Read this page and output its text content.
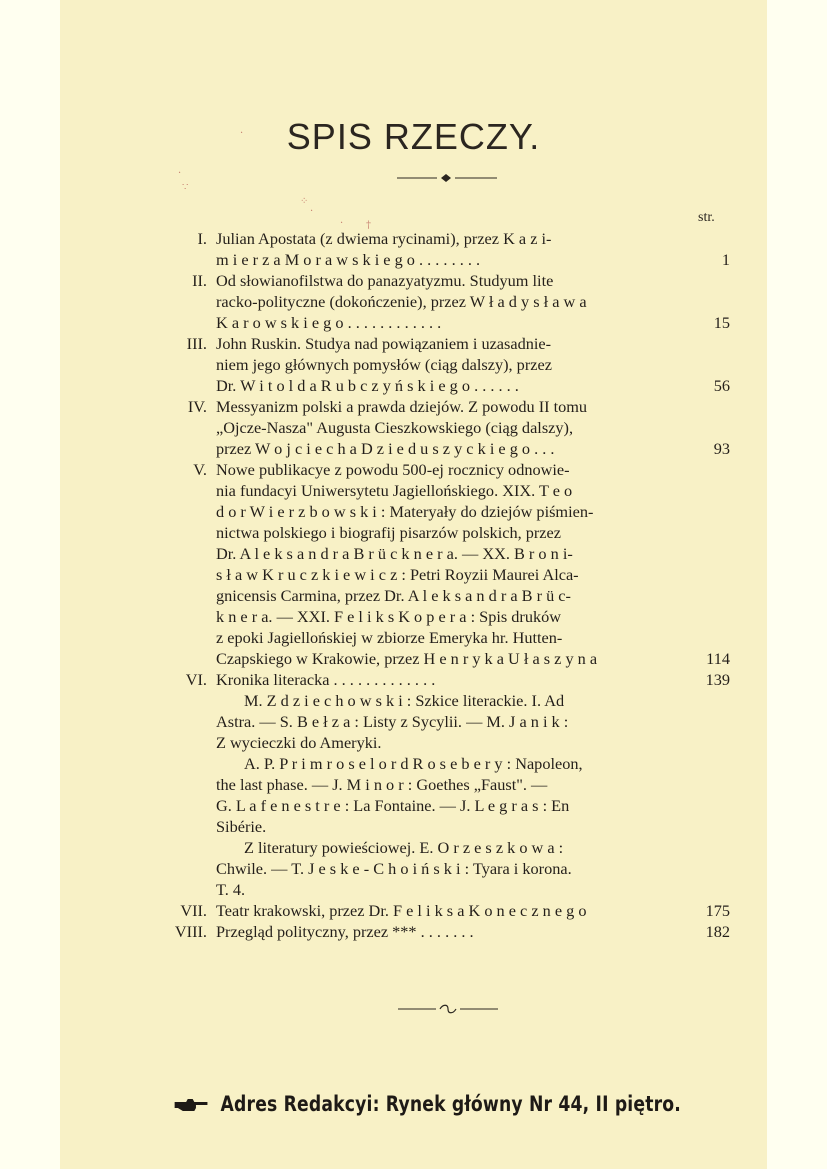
·
∵
⁘
·
· †
·	SPIS RZECZY.
str.
I. Julian Apostata (z dwiema rycinami), przez K a z i-
m i e r z a M o r a w s k i e g o . . . . . . . .	1
II. Od słowianofilstwa do panazyatyzmu. Studyum lite
racko-polityczne (dokończenie), przez W ł a d y s ł a w a
K a r o w s k i e g o . . . . . . . . . . . .	15
III. John Ruskin. Studya nad powiązaniem i uzasadnie-
niem jego głównych pomysłów (ciąg dalszy), przez
Dr. W i t o l d a R u b c z y ń s k i e g o . . . . . .	56
IV. Messyanizm polski a prawda dziejów. Z powodu II tomu
„Ojcze-Nasza" Augusta Cieszkowskiego (ciąg dalszy),
przez W o j c i e c h a D z i e d u s z y c k i e g o . . .	93
V. Nowe publikacye z powodu 500-ej rocznicy odnowie-
nia fundacyi Uniwersytetu Jagiellońskiego. XIX. T e o
d o r W i e r z b o w s k i : Materyały do dziejów piśmien-
nictwa polskiego i biografij pisarzów polskich, przez
Dr. A l e k s a n d r a B r ü c k n e r a. — XX. B r o n i-
s ł a w K r u c z k i e w i c z : Petri Royzii Maurei Alca-
gnicensis Carmina, przez Dr. A l e k s a n d r a B r ü c-
k n e r a. — XXI. F e l i k s K o p e r a : Spis druków
z epoki Jagiellońskiej w zbiorze Emeryka hr. Hutten-
Czapskiego w Krakowie, przez H e n r y k a U ł a s z y n a	114
VI. Kronika literacka . . . . . . . . . . . . .	139
M. Z d z i e c h o w s k i : Szkice literackie. I. Ad
Astra. — S. B e ł z a : Listy z Sycylii. — M. J a n i k :
Z wycieczki do Ameryki.
A. P. P r i m r o s e l o r d R o s e b e r y : Napoleon,
the last phase. — J. M i n o r : Goethes „Faust". —
G. L a f e n e s t r e : La Fontaine. — J. L e g r a s : En
Sibérie.
Z literatury powieściowej. E. O r z e s z k o w a :
Chwile. — T. J e s k e - C h o i ń s k i : Tyara i korona.
T. 4.
VII. Teatr krakowski, przez Dr. F e l i k s a K o n e c z n e g o	175
VIII. Przegląd polityczny, przez *** . . . . . . .	182
Adres Redakcyi: Rynek główny Nr 44, II piętro.
